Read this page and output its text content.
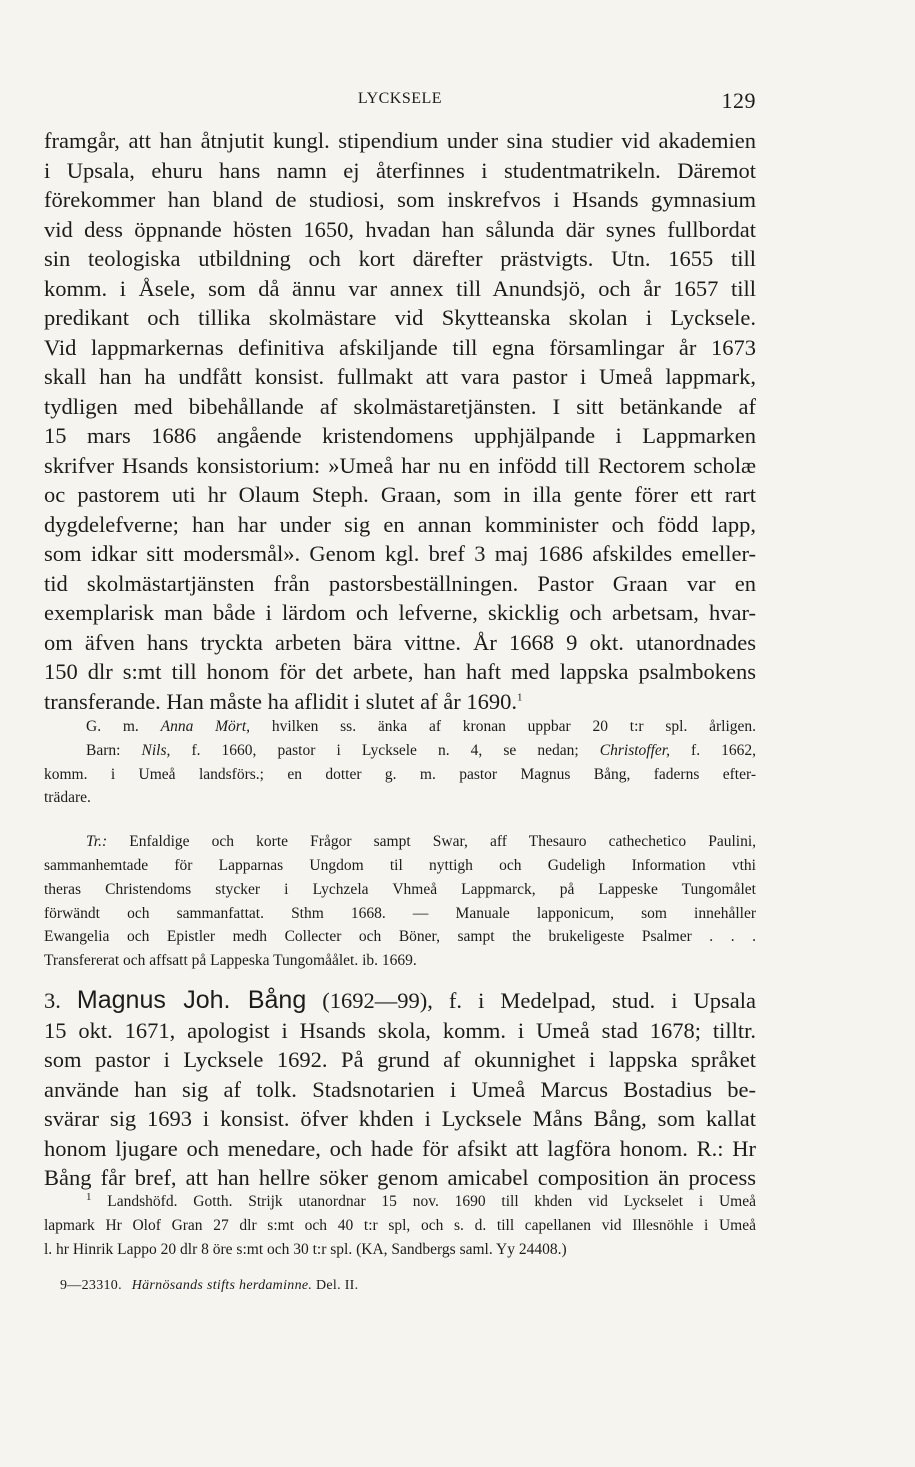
LYCKSELE	129
framgår, att han åtnjutit kungl. stipendium under sina studier vid akademien
i Upsala, ehuru hans namn ej återfinnes i studentmatrikeln. Däremot
förekommer han bland de studiosi, som inskrefvos i Hsands gymnasium
vid dess öppnande hösten 1650, hvadan han sålunda där synes fullbordat
sin teologiska utbildning och kort därefter prästvigts. Utn. 1655 till
komm. i Åsele, som då ännu var annex till Anundsjö, och år 1657 till
predikant och tillika skolmästare vid Skytteanska skolan i Lycksele.
Vid lappmarkernas definitiva afskiljande till egna församlingar år 1673
skall han ha undfått konsist. fullmakt att vara pastor i Umeå lappmark,
tydligen med bibehållande af skolmästaretjänsten. I sitt betänkande af
15 mars 1686 angående kristendomens upphjälpande i Lappmarken
skrifver Hsands konsistorium: »Umeå har nu en infödd till Rectorem scholæ
oc pastorem uti hr Olaum Steph. Graan, som in illa gente förer ett rart
dygdelefverne; han har under sig en annan komminister och född lapp,
som idkar sitt modersmål». Genom kgl. bref 3 maj 1686 afskildes emeller-
tid skolmästartjänsten från pastorsbeställningen. Pastor Graan var en
exemplarisk man både i lärdom och lefverne, skicklig och arbetsam, hvar-
om äfven hans tryckta arbeten bära vittne. År 1668 9 okt. utanordnades
150 dlr s:mt till honom för det arbete, han haft med lappska psalmbokens
transferande. Han måste ha aflidit i slutet af år 1690.$^1$
G. m. Anna Mört, hvilken ss. änka af kronan uppbar 20 t:r spl. årligen.
Barn: Nils, f. 1660, pastor i Lycksele n. 4, se nedan; Christoffer, f. 1662,
komm. i Umeå landsförs.; en dotter g. m. pastor Magnus Bång, faderns efter-
trädare.
Tr.: Enfaldige och korte Frågor sampt Swar, aff Thesauro cathechetico Paulini,
sammanhemtade för Lapparnas Ungdom til nyttigh och Gudeligh Information vthi
theras Christendoms stycker i Lychzela Vhmeå Lappmarck, på Lappeske Tungomålet
förwändt och sammanfattat. Sthm 1668. — Manuale lapponicum, som innehåller
Ewangelia och Epistler medh Collecter och Böner, sampt the brukeligeste Psalmer . . .
Transfererat och affsatt på Lappeska Tungomåålet. ib. 1669.
3. Magnus Joh. Bång (1692—99), f. i Medelpad, stud. i Upsala
15 okt. 1671, apologist i Hsands skola, komm. i Umeå stad 1678; tilltr.
som pastor i Lycksele 1692. På grund af okunnighet i lappska språket
använde han sig af tolk. Stadsnotarien i Umeå Marcus Bostadius be-
svärar sig 1693 i konsist. öfver khden i Lycksele Måns Bång, som kallat
honom ljugare och menedare, och hade för afsikt att lagföra honom. R.: Hr
Bång får bref, att han hellre söker genom amicabel composition än process
$^1$ Landshöfd. Gotth. Strijk utanordnar 15 nov. 1690 till khden vid Lyckselet i Umeå
lapmark Hr Olof Gran 27 dlr s:mt och 40 t:r spl, och s. d. till capellanen vid Illesnöhle i Umeå
l. hr Hinrik Lappo 20 dlr 8 öre s:mt och 30 t:r spl. (KA, Sandbergs saml. Yy 24408.)
9—23310. Härnösands stifts herdaminne. Del. II.
